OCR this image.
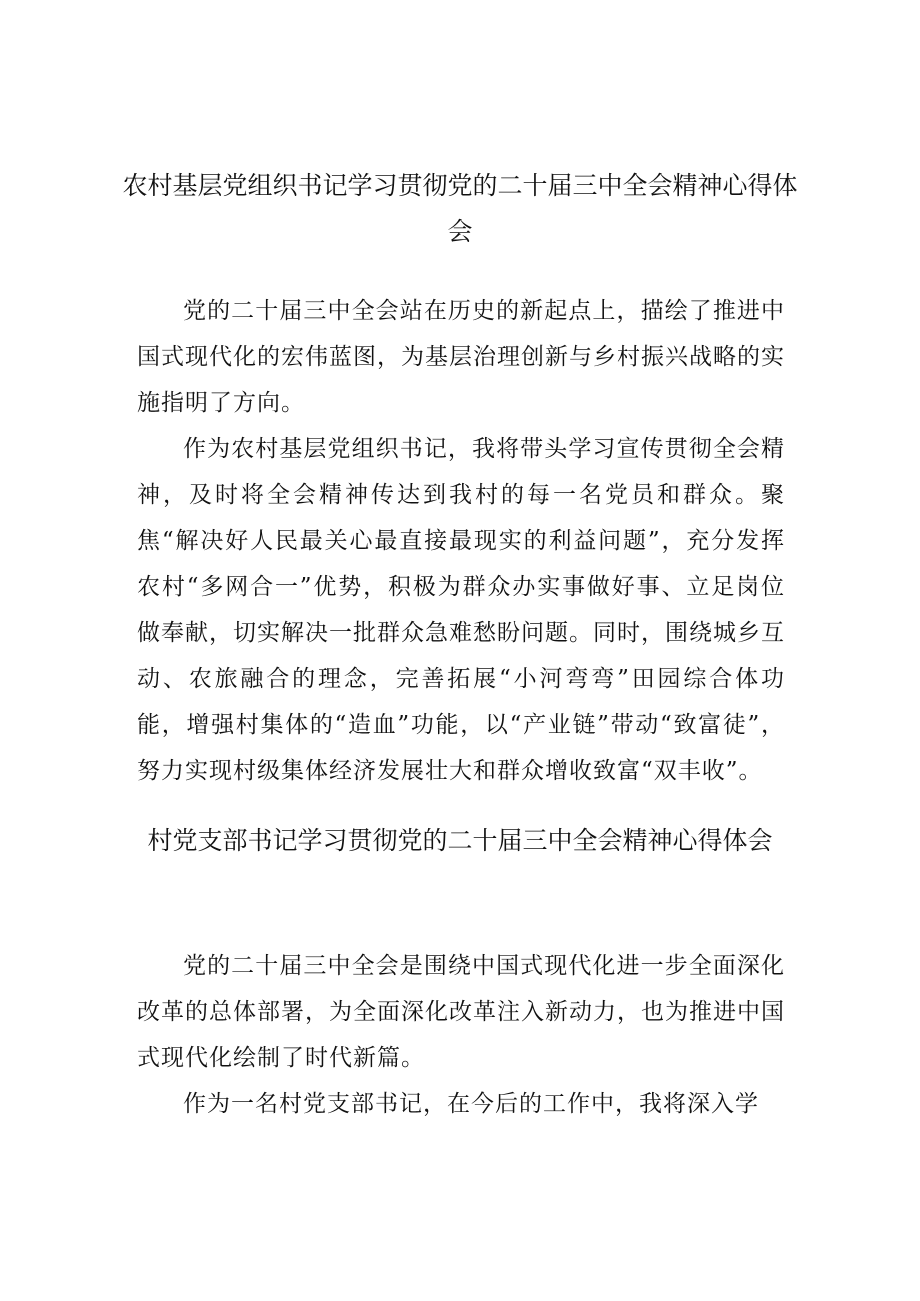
农村基层党组织书记学习贯彻党的二十届三中全会精神心得体会

党的二十届三中全会站在历史的新起点上，描绘了推进中国式现代化的宏伟蓝图，为基层治理创新与乡村振兴战略的实施指明了方向。

作为农村基层党组织书记，我将带头学习宣传贯彻全会精神，及时将全会精神传达到我村的每一名党员和群众。聚焦“解决好人民最关心最直接最现实的利益问题”，充分发挥农村“多网合一”优势，积极为群众办实事做好事、立足岗位做奉献，切实解决一批群众急难愁盼问题。同时，围绕城乡互动、农旅融合的理念，完善拓展“小河弯弯”田园综合体功能，增强村集体的“造血”功能，以“产业链”带动“致富徒”，努力实现村级集体经济发展壮大和群众增收致富“双丰收”。

村党支部书记学习贯彻党的二十届三中全会精神心得体会

党的二十届三中全会是围绕中国式现代化进一步全面深化改革的总体部署，为全面深化改革注入新动力，也为推进中国式现代化绘制了时代新篇。

作为一名村党支部书记，在今后的工作中，我将深入学
